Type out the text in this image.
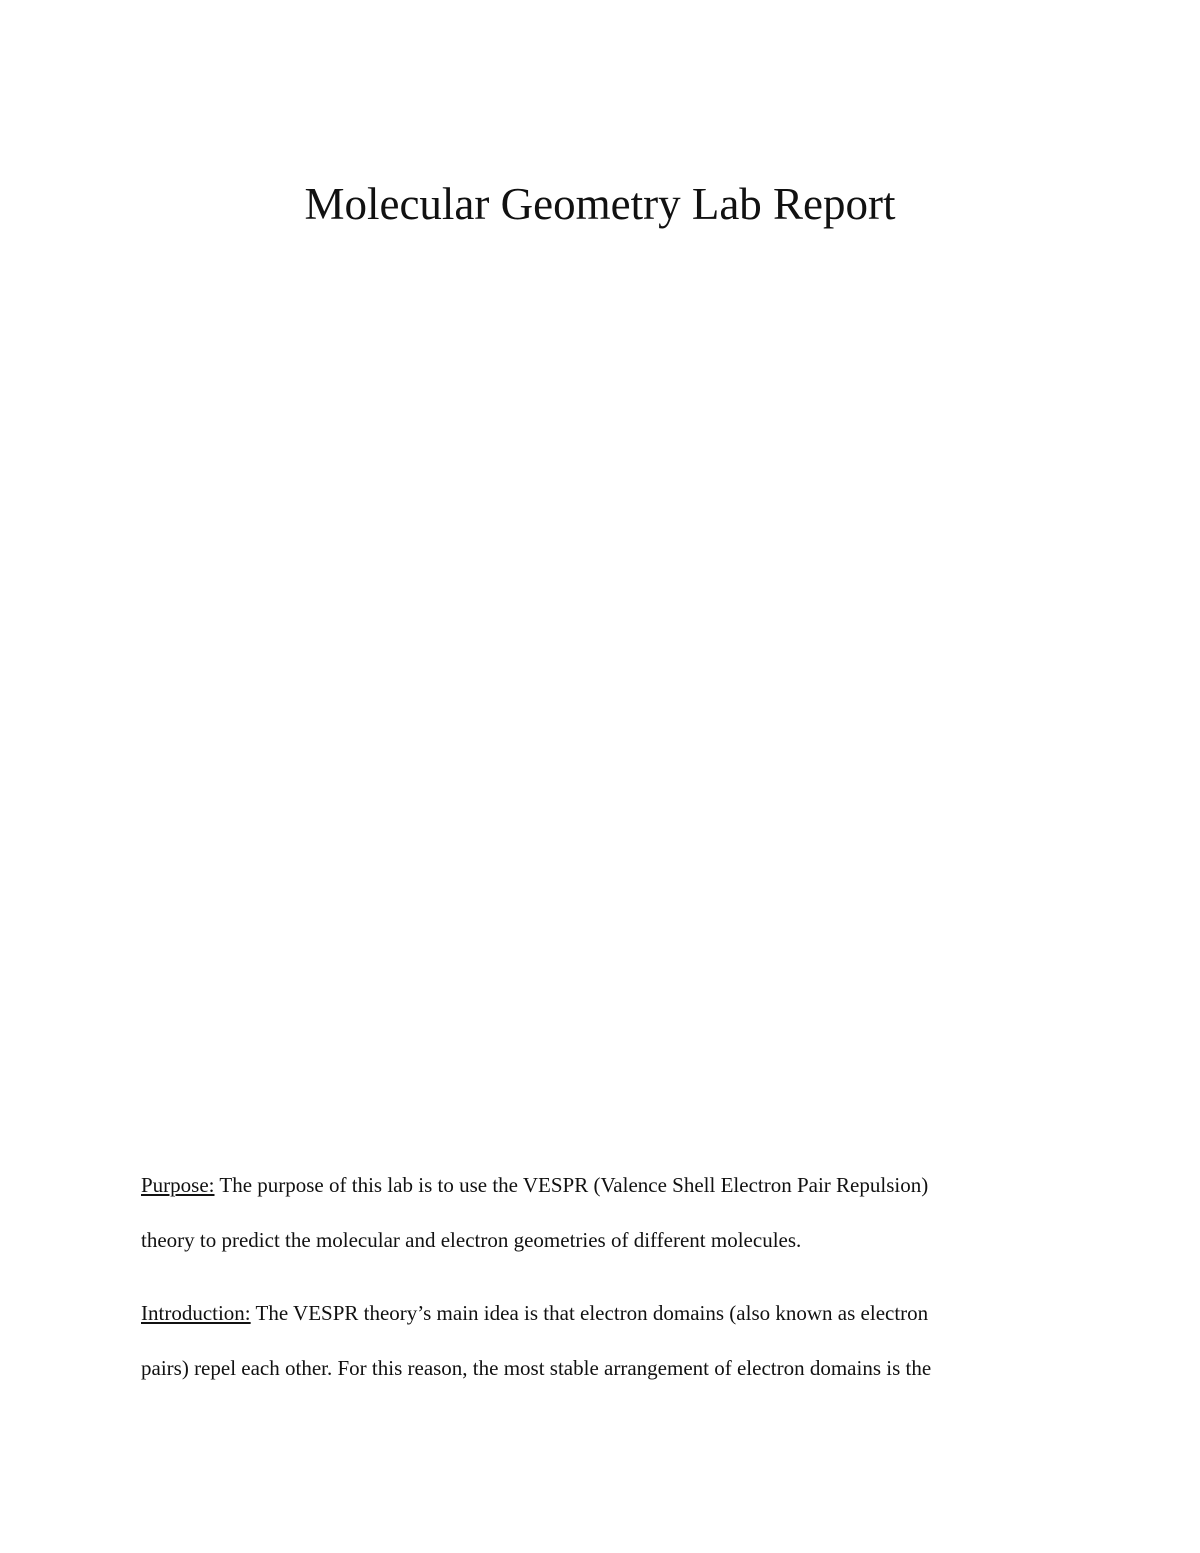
Molecular Geometry Lab Report

Purpose: The purpose of this lab is to use the VESPR (Valence Shell Electron Pair Repulsion)
theory to predict the molecular and electron geometries of different molecules.

Introduction: The VESPR theory’s main idea is that electron domains (also known as electron
pairs) repel each other. For this reason, the most stable arrangement of electron domains is the
